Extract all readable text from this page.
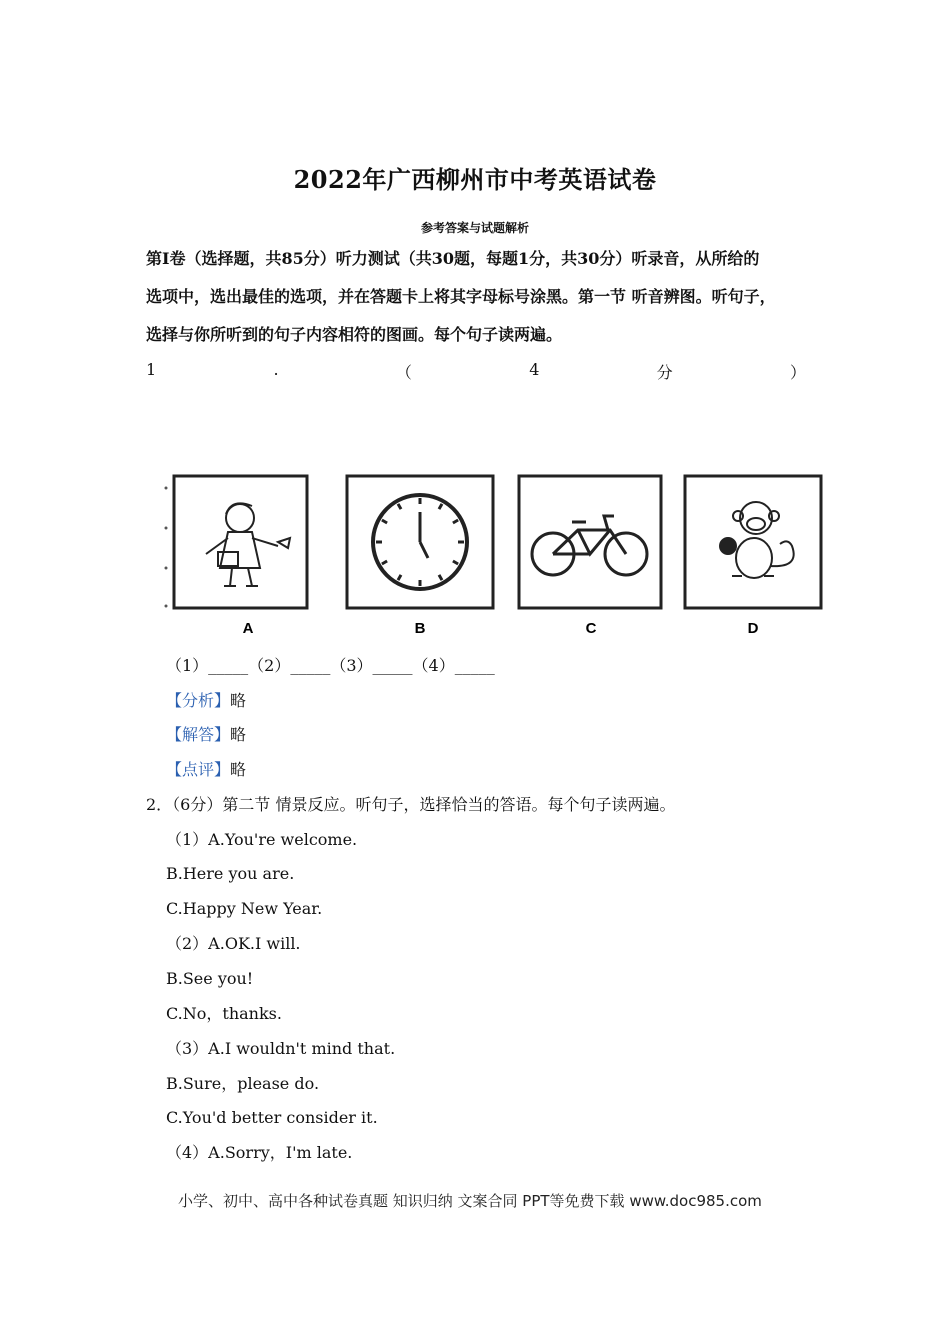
2022年广西柳州市中考英语试卷
参考答案与试题解析
第Ⅰ卷（选择题，共85分）听力测试（共30题，每题1分，共30分）听录音，从所给的
选项中，选出最佳的选项，并在答题卡上将其字母标号涂黑。第一节 听音辨图。听句子，
选择与你所听到的句子内容相符的图画。每个句子读两遍。
1	.	（	4	分	）
A	B	C	D
（1）_____（2）_____（3）_____（4）_____
【分析】略
【解答】略
【点评】略
2．（6分）第二节 情景反应。听句子，选择恰当的答语。每个句子读两遍。
（1）A.You're welcome.
B.Here you are.
C.Happy New Year.
（2）A.OK.I will.
B.See you!
C.No，thanks.
（3）A.I wouldn't mind that.
B.Sure，please do.
C.You'd better consider it.
（4）A.Sorry，I'm late.
小学、初中、高中各种试卷真题 知识归纳 文案合同 PPT等免费下载 www.doc985.com
